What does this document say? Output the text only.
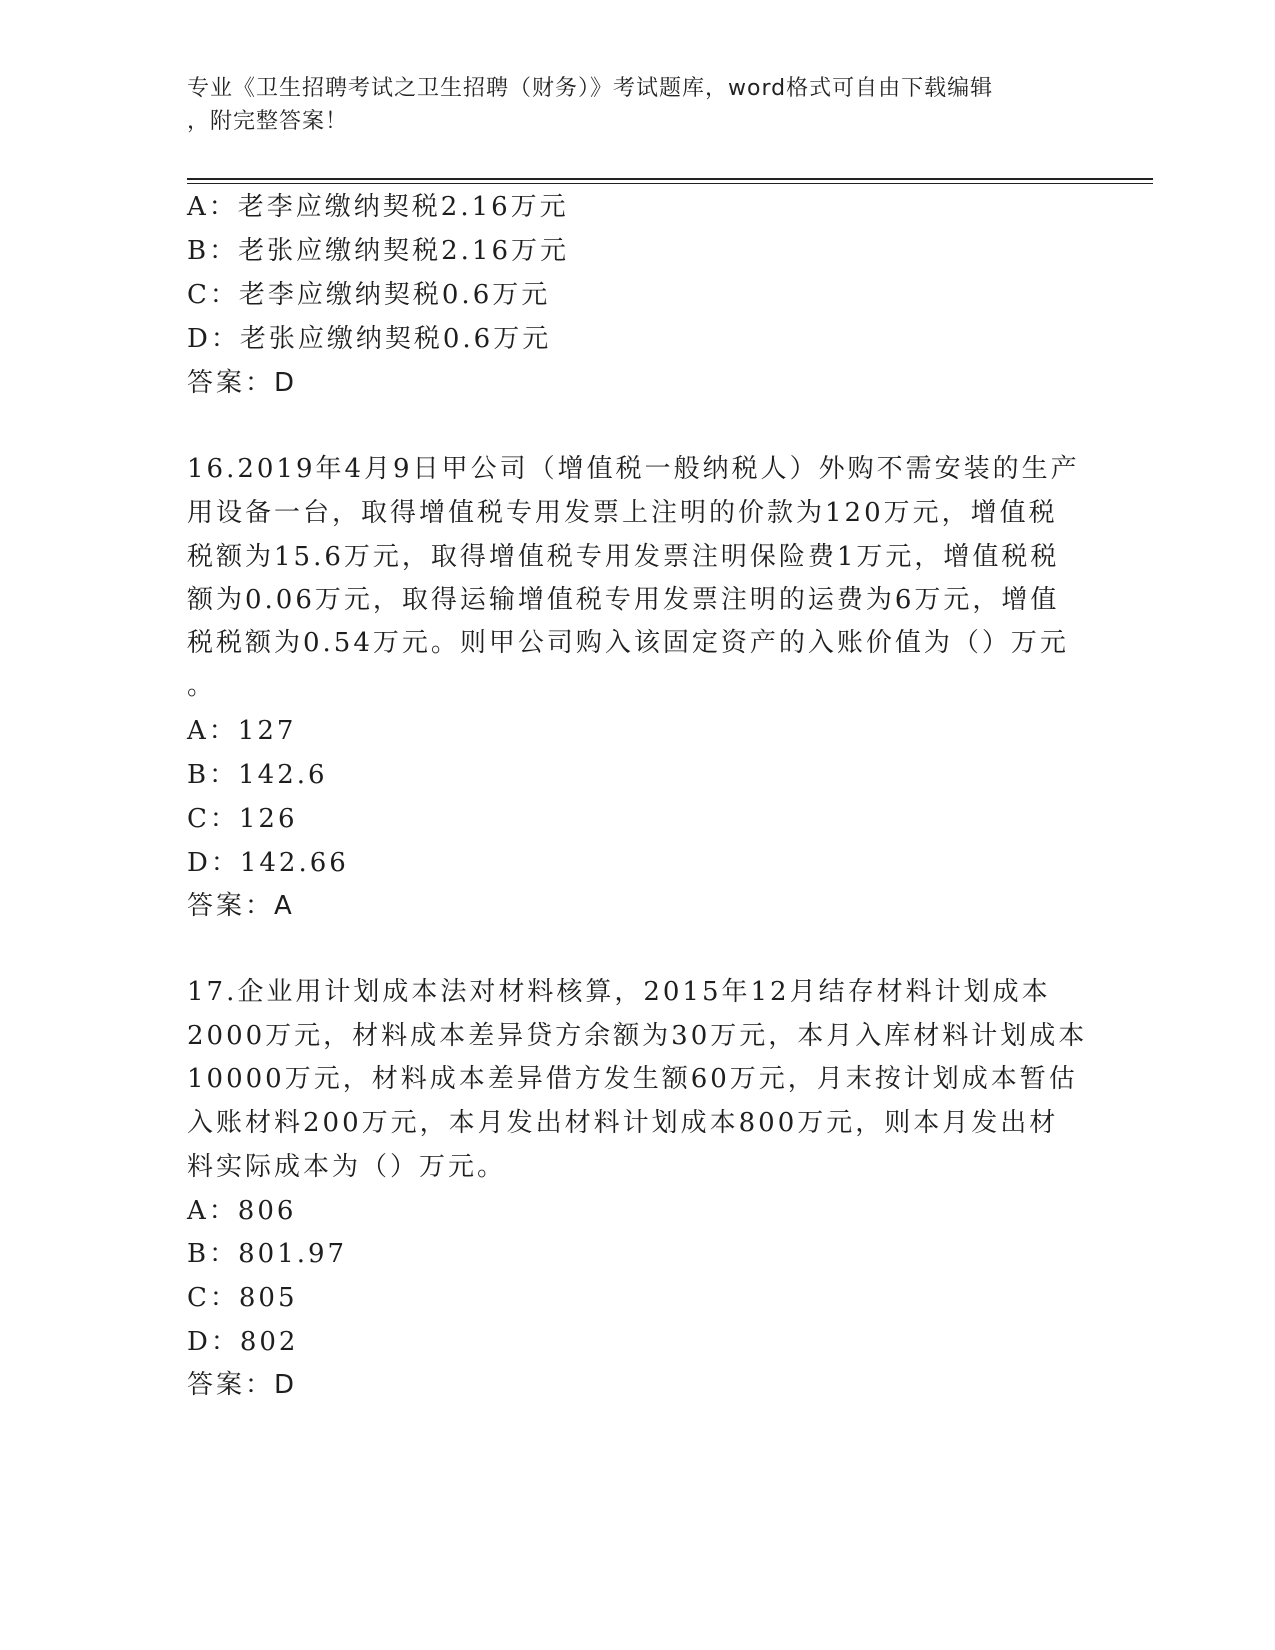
专业《卫生招聘考试之卫生招聘（财务）》考试题库，word格式可自由下载编辑
，附完整答案！
A：老李应缴纳契税2.16万元
B：老张应缴纳契税2.16万元
C：老李应缴纳契税0.6万元
D：老张应缴纳契税0.6万元
答案：D
16.2019年4月9日甲公司（增值税一般纳税人）外购不需安装的生产
用设备一台，取得增值税专用发票上注明的价款为120万元，增值税
税额为15.6万元，取得增值税专用发票注明保险费1万元，增值税税
额为0.06万元，取得运输增值税专用发票注明的运费为6万元，增值
税税额为0.54万元。则甲公司购入该固定资产的入账价值为（）万元
。
A：127
B：142.6
C：126
D：142.66
答案：A
17.企业用计划成本法对材料核算，2015年12月结存材料计划成本
2000万元，材料成本差异贷方余额为30万元，本月入库材料计划成本
10000万元，材料成本差异借方发生额60万元，月末按计划成本暂估
入账材料200万元，本月发出材料计划成本800万元，则本月发出材
料实际成本为（）万元。
A：806
B：801.97
C：805
D：802
答案：D
